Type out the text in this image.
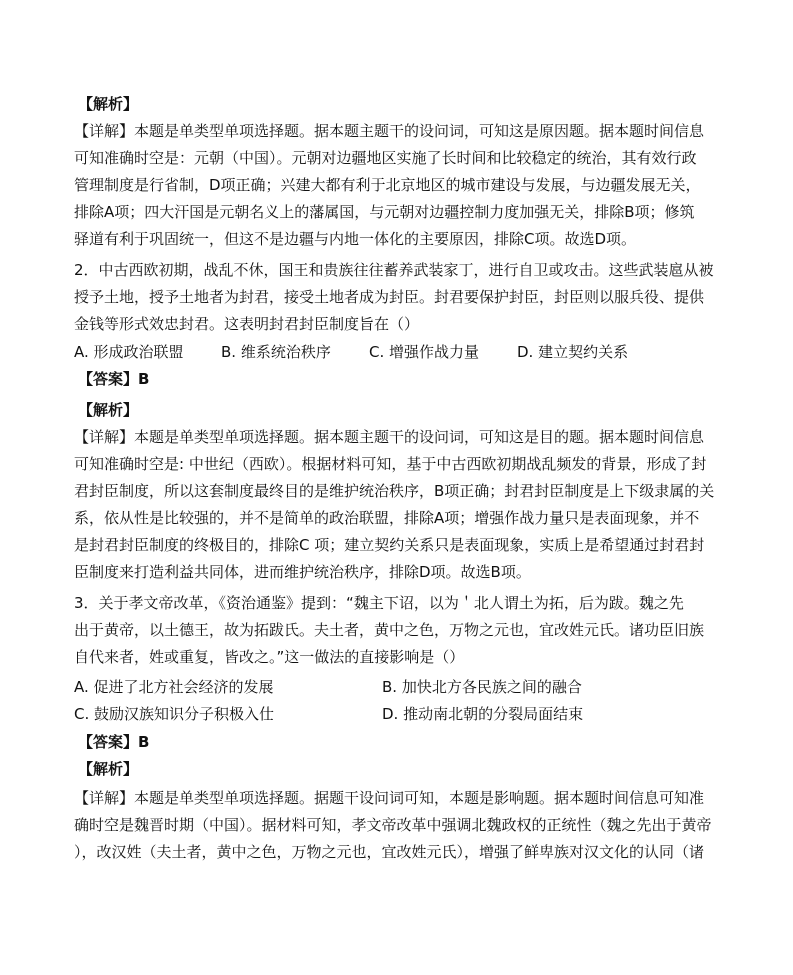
【解析】
【详解】本题是单类型单项选择题。据本题主题干的设问词，可知这是原因题。据本题时间信息
可知准确时空是：元朝（中国）。元朝对边疆地区实施了长时间和比较稳定的统治，其有效行政
管理制度是行省制，D项正确；兴建大都有利于北京地区的城市建设与发展，与边疆发展无关，
排除A项；四大汗国是元朝名义上的藩属国，与元朝对边疆控制力度加强无关，排除B项；修筑
驿道有利于巩固统一，但这不是边疆与内地一体化的主要原因，排除C项。故选D项。
2．中古西欧初期，战乱不休，国王和贵族往往蓄养武装家丁，进行自卫或攻击。这些武装扈从被
授予土地，授予土地者为封君，接受土地者成为封臣。封君要保护封臣，封臣则以服兵役、提供
金钱等形式效忠封君。这表明封君封臣制度旨在（）
A. 形成政治联盟 B. 维系统治秩序	C. 增强作战力量	D. 建立契约关系
【答案】B
【解析】
【详解】本题是单类型单项选择题。据本题主题干的设问词，可知这是目的题。据本题时间信息
可知准确时空是: 中世纪（西欧）。根据材料可知，基于中古西欧初期战乱频发的背景，形成了封
君封臣制度，所以这套制度最终目的是维护统治秩序，B项正确；封君封臣制度是上下级隶属的关
系，依从性是比较强的，并不是简单的政治联盟，排除A项；增强作战力量只是表面现象，并不
是封君封臣制度的终极目的，排除C 项；建立契约关系只是表面现象，实质上是希望通过封君封
臣制度来打造利益共同体，进而维护统治秩序，排除D项。故选B项。
3．关于孝文帝改革，《资治通鉴》提到：“魏主下诏，以为＇北人谓土为拓，后为跋。魏之先
出于黄帝，以土德王，故为拓跋氏。夫土者，黄中之色，万物之元也，宜改姓元氏。诸功臣旧族
自代来者，姓或重复，皆改之。”这一做法的直接影响是（）
A. 促进了北方社会经济的发展	B. 加快北方各民族之间的融合
C. 鼓励汉族知识分子积极入仕	D. 推动南北朝的分裂局面结束
【答案】B
【解析】
【详解】本题是单类型单项选择题。据题干设问词可知，本题是影响题。据本题时间信息可知准
确时空是魏晋时期（中国）。据材料可知，孝文帝改革中强调北魏政权的正统性（魏之先出于黄帝
），改汉姓（夫土者，黄中之色，万物之元也，宜改姓元氏），增强了鲜卑族对汉文化的认同（诸
